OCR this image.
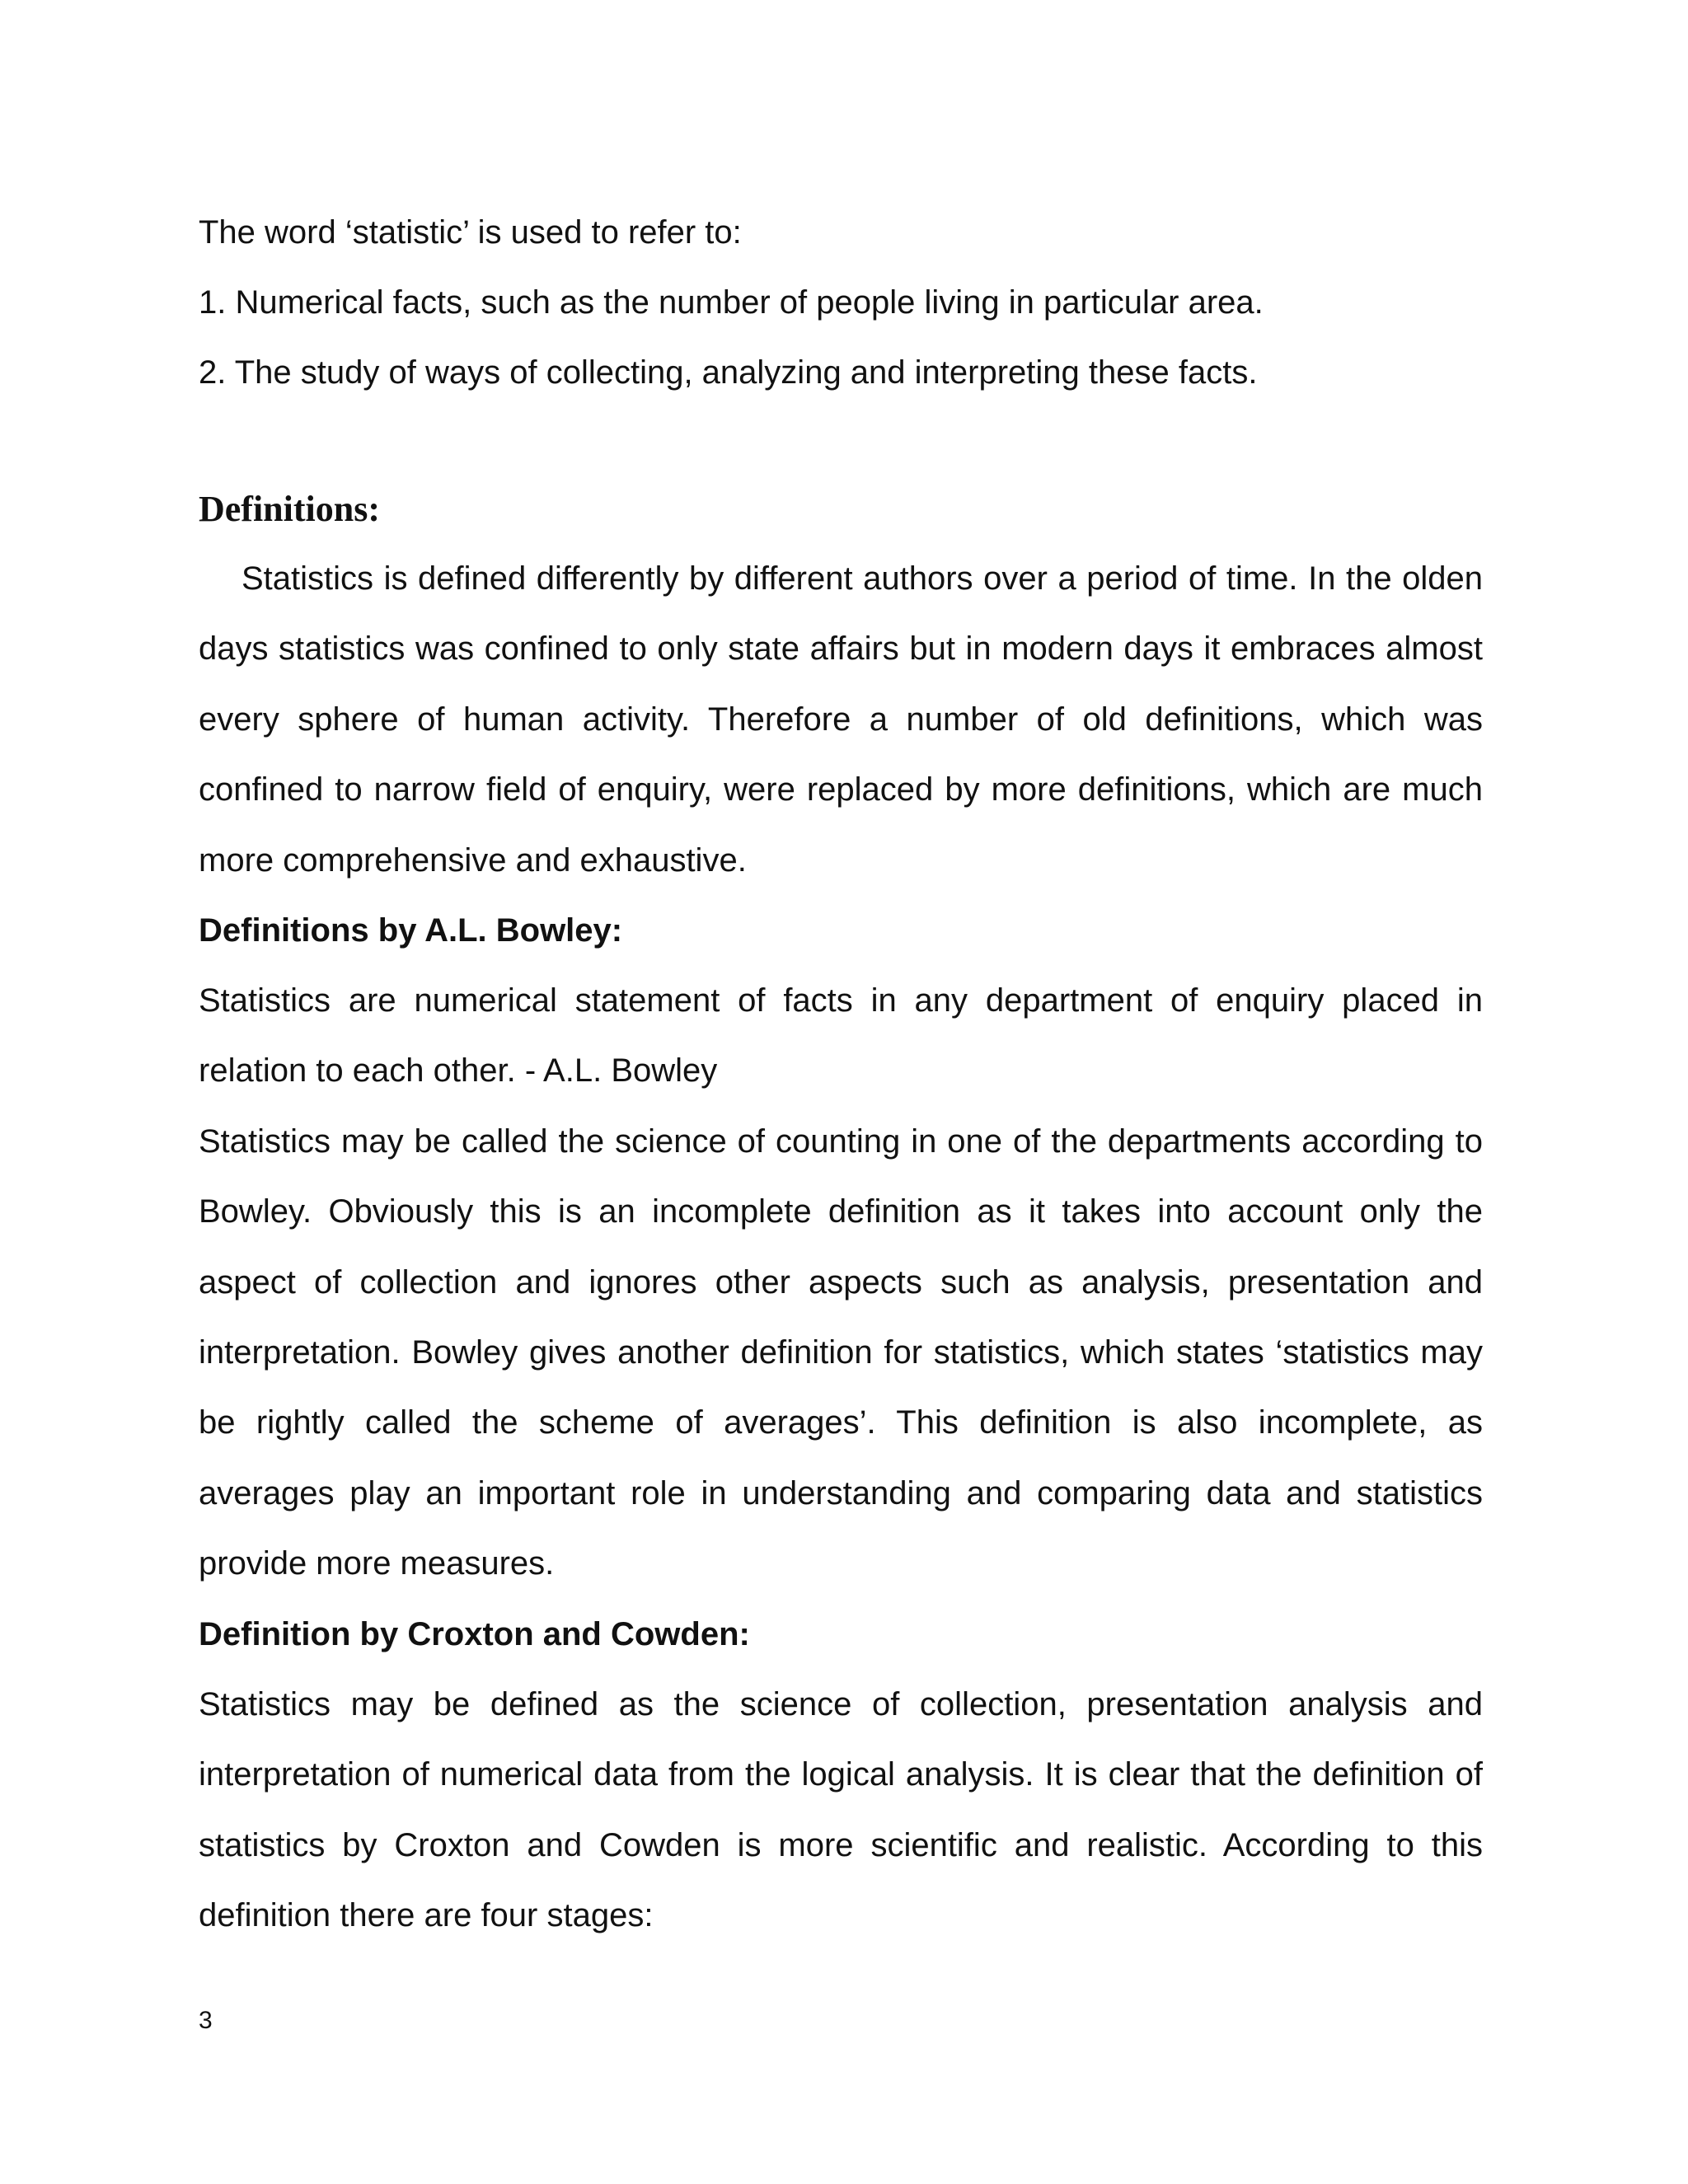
The word ‘statistic’ is used to refer to:

1. Numerical facts, such as the number of people living in particular area.

2. The study of ways of collecting, analyzing and interpreting these facts.

Definitions:

Statistics is defined differently by different authors over a period of time. In the olden days statistics was confined to only state affairs but in modern days it embraces almost every sphere of human activity. Therefore a number of old definitions, which was confined to narrow field of enquiry, were replaced by more definitions, which are much more comprehensive and exhaustive.

Definitions by A.L. Bowley:

Statistics are numerical statement of facts in any department of enquiry placed in relation to each other. - A.L. Bowley

Statistics may be called the science of counting in one of the departments according to Bowley. Obviously this is an incomplete definition as it takes into account only the aspect of collection and ignores other aspects such as analysis, presentation and interpretation. Bowley gives another definition for statistics, which states ‘statistics may be rightly called the scheme of averages’. This definition is also incomplete, as averages play an important role in understanding and comparing data and statistics provide more measures.

Definition by Croxton and Cowden:

Statistics may be defined as the science of collection, presentation analysis and interpretation of numerical data from the logical analysis. It is clear that the definition of statistics by Croxton and Cowden is more scientific and realistic. According to this definition there are four stages:

3
